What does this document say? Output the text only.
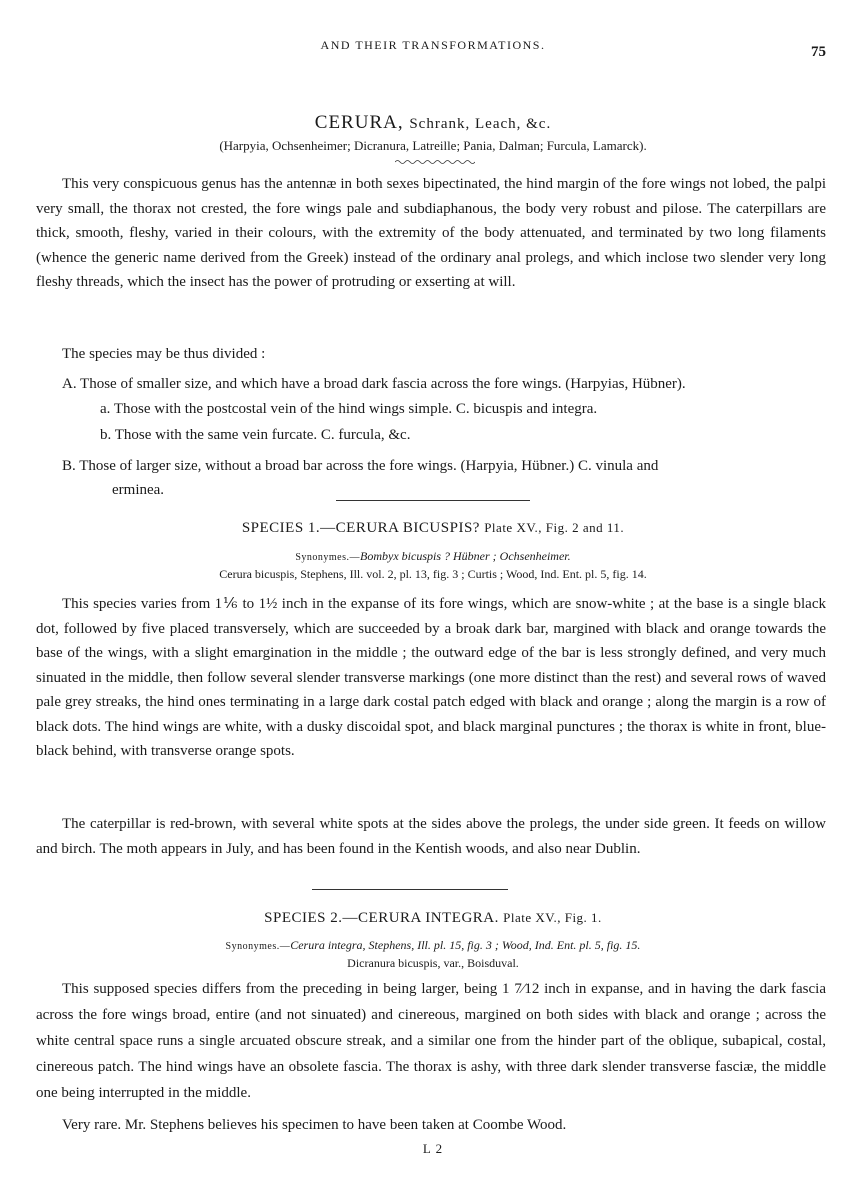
AND THEIR TRANSFORMATIONS.	75
CERURA, Schrank, Leach, &c.
(Harpyia, Ochsenheimer; Dicranura, Latreille; Pania, Dalman; Furcula, Lamarck).

This very conspicuous genus has the antennæ in both sexes bipectinated, the hind margin of the fore wings not lobed, the palpi very small, the thorax not crested, the fore wings pale and subdiaphanous, the body very robust and pilose. The caterpillars are thick, smooth, fleshy, varied in their colours, with the extremity of the body attenuated, and terminated by two long filaments (whence the generic name derived from the Greek) instead of the ordinary anal prolegs, and which inclose two slender very long fleshy threads, which the insect has the power of protruding or exserting at will.

The species may be thus divided :
A. Those of smaller size, and which have a broad dark fascia across the fore wings. (Harpyias, Hübner).
a. Those with the postcostal vein of the hind wings simple. C. bicuspis and integra.
b. Those with the same vein furcate. C. furcula, &c.
B. Those of larger size, without a broad bar across the fore wings. (Harpyia, Hübner.) C. vinula and
erminea.
SPECIES 1.—CERURA BICUSPIS? Plate XV., Fig. 2 and 11.
Synonymes.—Bombyx bicuspis ? Hübner ; Ochsenheimer.
Cerura bicuspis, Stephens, Ill. vol. 2, pl. 13, fig. 3 ; Curtis ; Wood, Ind. Ent. pl. 5, fig. 14.

This species varies from 1⅙ to 1½ inch in the expanse of its fore wings, which are snow-white ; at the base is a single black dot, followed by five placed transversely, which are succeeded by a broak dark bar, margined with black and orange towards the base of the wings, with a slight emargination in the middle ; the outward edge of the bar is less strongly defined, and very much sinuated in the middle, then follow several slender transverse markings (one more distinct than the rest) and several rows of waved pale grey streaks, the hind ones terminating in a large dark costal patch edged with black and orange ; along the margin is a row of black dots. The hind wings are white, with a dusky discoidal spot, and black marginal punctures ; the thorax is white in front, blue-black behind, with transverse orange spots.

The caterpillar is red-brown, with several white spots at the sides above the prolegs, the under side green. It feeds on willow and birch. The moth appears in July, and has been found in the Kentish woods, and also near Dublin.

SPECIES 2.—CERURA INTEGRA. Plate XV., Fig. 1.
Synonymes.—Cerura integra, Stephens, Ill. pl. 15, fig. 3 ; Wood, Ind. Ent. pl. 5, fig. 15.
Dicranura bicuspis, var., Boisduval.

This supposed species differs from the preceding in being larger, being 1 7⁄12 inch in expanse, and in having the dark fascia across the fore wings broad, entire (and not sinuated) and cinereous, margined on both sides with black and orange ; across the white central space runs a single arcuated obscure streak, and a similar one from the hinder part of the oblique, subapical, costal, cinereous patch. The hind wings have an obsolete fascia. The thorax is ashy, with three dark slender transverse fasciæ, the middle one being interrupted in the middle.

Very rare. Mr. Stephens believes his specimen to have been taken at Coombe Wood.
L 2
